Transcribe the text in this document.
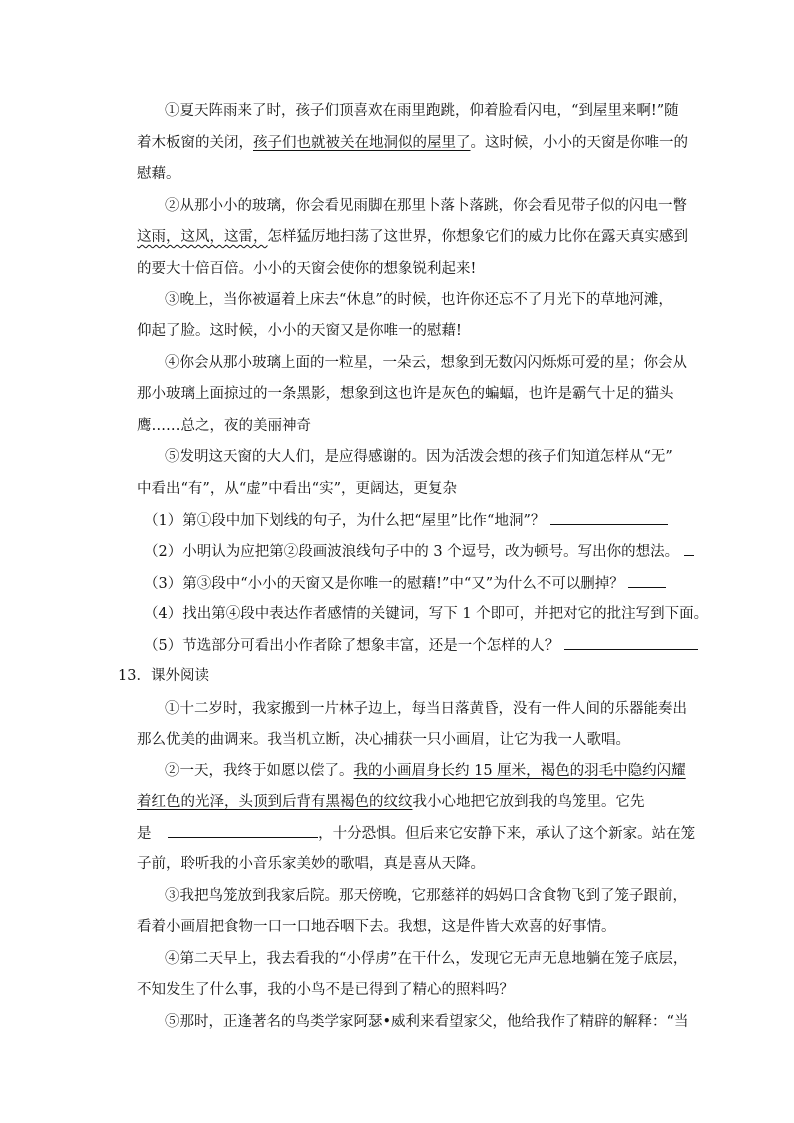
①夏天阵雨来了时，孩子们顶喜欢在雨里跑跳，仰着脸看闪电，“到屋里来啊!”随
着木板窗的关闭，孩子们也就被关在地洞似的屋里了。这时候，小小的天窗是你唯一的
慰藉。
②从那小小的玻璃，你会看见雨脚在那里卜落卜落跳，你会看见带子似的闪电一瞥
这雨，这风，这雷，怎样猛厉地扫荡了这世界，你想象它们的威力比你在露天真实感到
的要大十倍百倍。小小的天窗会使你的想象锐利起来!
③晚上，当你被逼着上床去“休息”的时候，也许你还忘不了月光下的草地河滩，
仰起了脸。这时候，小小的天窗又是你唯一的慰藉!
④你会从那小玻璃上面的一粒星，一朵云，想象到无数闪闪烁烁可爱的星；你会从
那小玻璃上面掠过的一条黑影，想象到这也许是灰色的蝙蝠，也许是霸气十足的猫头
鹰……总之，夜的美丽神奇
⑤发明这天窗的大人们，是应得感谢的。因为活泼会想的孩子们知道怎样从“无”
中看出“有”，从“虚”中看出“实”，更阔达，更复杂
（1）第①段中加下划线的句子，为什么把“屋里”比作“地洞”？
（2）小明认为应把第②段画波浪线句子中的 3 个逗号，改为顿号。写出你的想法。
（3）第③段中“小小的天窗又是你唯一的慰藉!”中“又”为什么不可以删掉？
（4）找出第④段中表达作者感情的关键词，写下 1 个即可，并把对它的批注写到下面。
（5）节选部分可看出小作者除了想象丰富，还是一个怎样的人？
13．课外阅读
①十二岁时，我家搬到一片林子边上，每当日落黄昏，没有一件人间的乐器能奏出
那么优美的曲调来。我当机立断，决心捕获一只小画眉，让它为我一人歌唱。
②一天，我终于如愿以偿了。我的小画眉身长约 15 厘米，褐色的羽毛中隐约闪耀
着红色的光泽，头顶到后背有黑褐色的纹纹我小心地把它放到我的鸟笼里。它先
是	，十分恐惧。但后来它安静下来，承认了这个新家。站在笼
子前，聆听我的小音乐家美妙的歌唱，真是喜从天降。
③我把鸟笼放到我家后院。那天傍晚，它那慈祥的妈妈口含食物飞到了笼子跟前，
看着小画眉把食物一口一口地吞咽下去。我想，这是件皆大欢喜的好事情。
④第二天早上，我去看我的“小俘虏”在干什么，发现它无声无息地躺在笼子底层，
不知发生了什么事，我的小鸟不是已得到了精心的照料吗？
⑤那时，正逢著名的鸟类学家阿瑟•威利来看望家父，他给我作了精辟的解释：“当
